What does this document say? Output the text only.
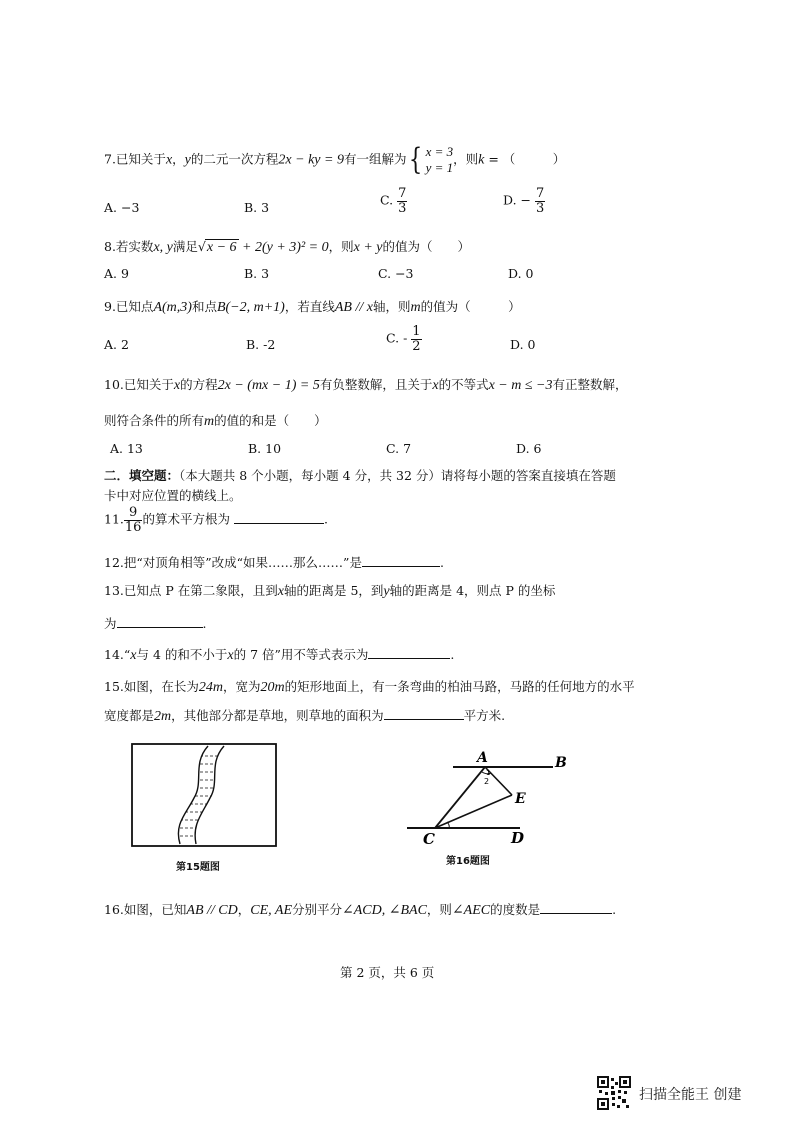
7.已知关于x，y的二元一次方程2x − ky = 9有一组解为{ x = 3
y = 1
，则k = （　　　）
A. −3	B. 3	C. $\frac{7}{3}$	D. − $\frac{7}{3}$
8.若实数x, y满足√x − 6 + 2(y + 3)² = 0，则x + y的值为（　　）
A. 9	B. 3	C. −3	D. 0
9.已知点A(m,3)和点B(−2, m+1)，若直线AB // x轴，则m的值为（　　　）
A. 2	B. -2	C. - $\frac{1}{2}$	D. 0
10.已知关于x的方程2x − (mx − 1) = 5有负整数解，且关于x的不等式x − m ≤ −3有正整数解，
则符合条件的所有m的值的和是（　　）
A. 13	B. 10	C. 7	D. 6
二．填空题：（本大题共 8 个小题，每小题 4 分，共 32 分）请将每小题的答案直接填在答题
卡中对应位置的横线上。
11. $\frac{9}{16}$ 的算术平方根为	.
12.把“对顶角相等”改成“如果……那么……”是	.
13.已知点 P 在第二象限，且到x轴的距离是 5，到y轴的距离是 4，则点 P 的坐标
为	.
14.“x与 4 的和不小于x的 7 倍”用不等式表示为	.
15.如图，在长为24m，宽为20m的矩形地面上，有一条弯曲的柏油马路，马路的任何地方的水平
宽度都是2m，其他部分都是草地，则草地的面积为	平方米.
第15题图
A	B
C	D
E
1
2
第16题图
16.如图，已知AB // CD，CE, AE分别平分∠ACD, ∠BAC，则∠AEC的度数是	.
第 2 页，共 6 页
扫描全能王 创建
